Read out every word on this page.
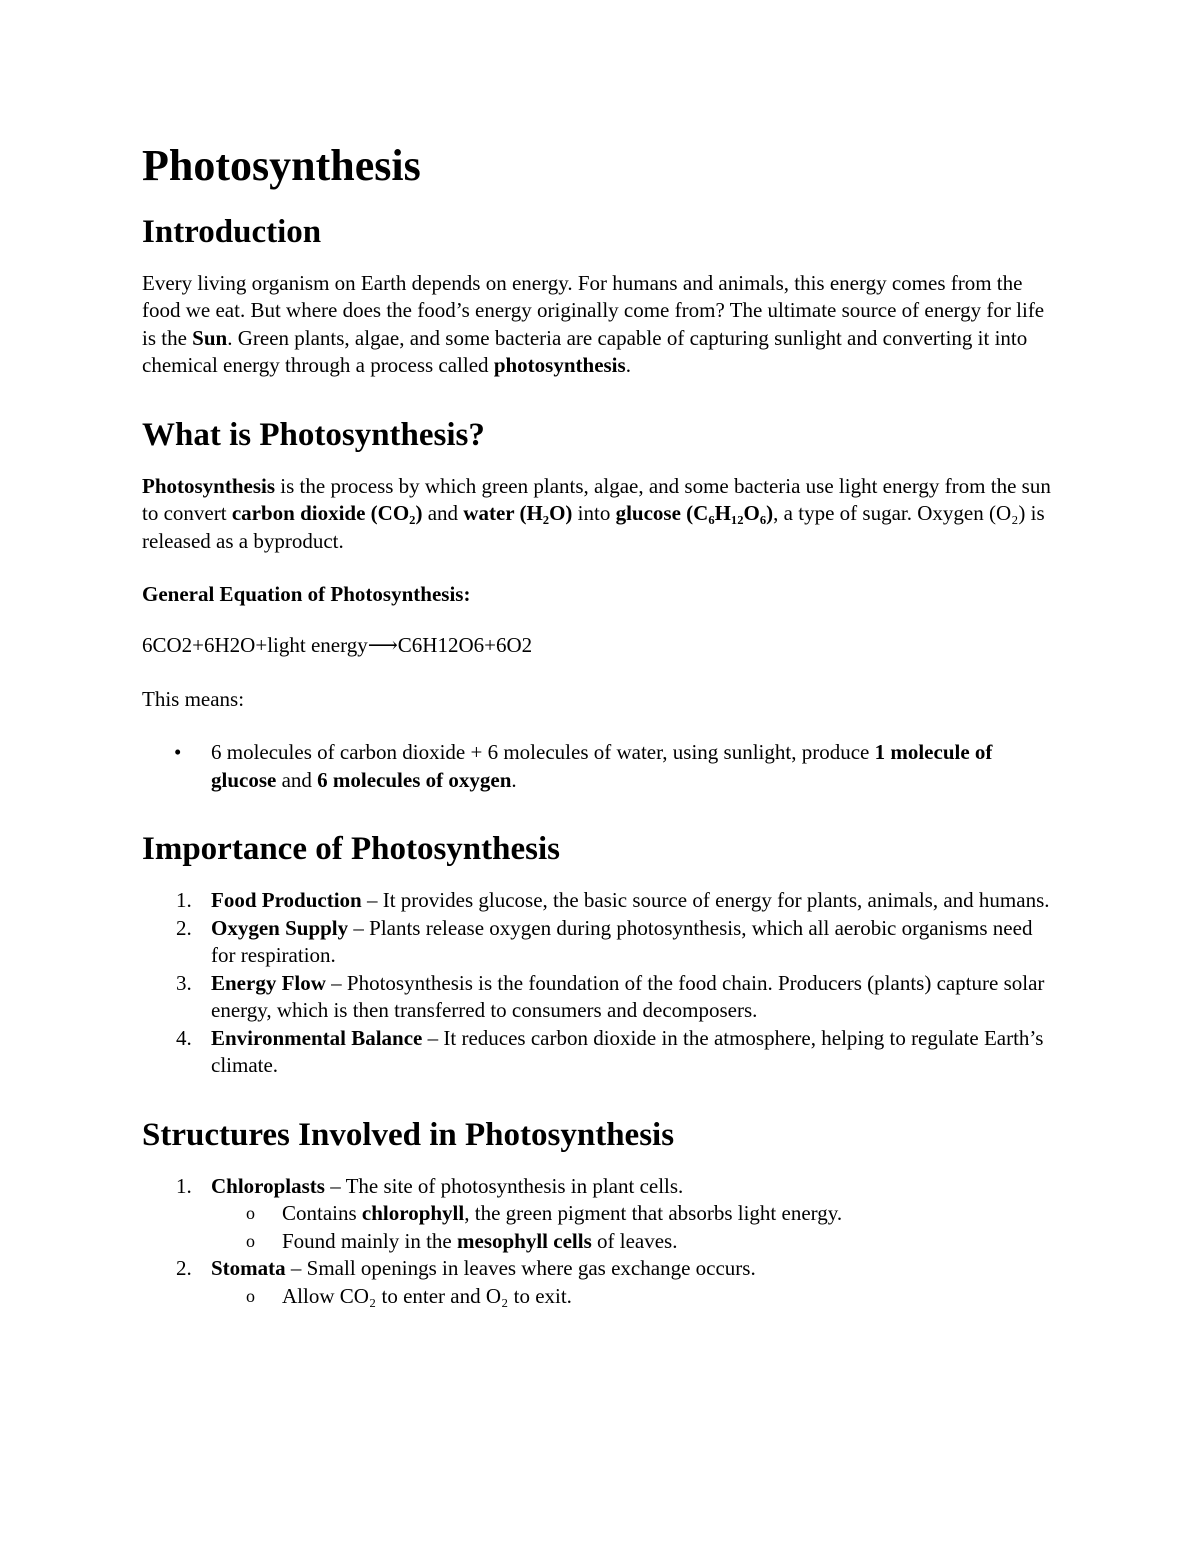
Photosynthesis
Introduction

Every living organism on Earth depends on energy. For humans and animals, this energy comes from the food we eat. But where does the food’s energy originally come from? The ultimate source of energy for life is the Sun. Green plants, algae, and some bacteria are capable of capturing sunlight and converting it into chemical energy through a process called photosynthesis.

What is Photosynthesis?

Photosynthesis is the process by which green plants, algae, and some bacteria use light energy from the sun to convert carbon dioxide (CO₂) and water (H₂O) into glucose (C₆H₁₂O₆), a type of sugar. Oxygen (O₂) is released as a byproduct.

General Equation of Photosynthesis:

6CO2+6H2O+light energy⟶C6H12O6+6O2

This means:

• 6 molecules of carbon dioxide + 6 molecules of water, using sunlight, produce 1 molecule of glucose and 6 molecules of oxygen.
Importance of Photosynthesis
1. Food Production – It provides glucose, the basic source of energy for plants, animals, and humans.
2. Oxygen Supply – Plants release oxygen during photosynthesis, which all aerobic organisms need for respiration.
3. Energy Flow – Photosynthesis is the foundation of the food chain. Producers (plants) capture solar energy, which is then transferred to consumers and decomposers.
4. Environmental Balance – It reduces carbon dioxide in the atmosphere, helping to regulate Earth’s climate.
Structures Involved in Photosynthesis
1. Chloroplasts – The site of photosynthesis in plant cells.
o Contains chlorophyll, the green pigment that absorbs light energy.
o Found mainly in the mesophyll cells of leaves.
2. Stomata – Small openings in leaves where gas exchange occurs.
o Allow CO₂ to enter and O₂ to exit.
